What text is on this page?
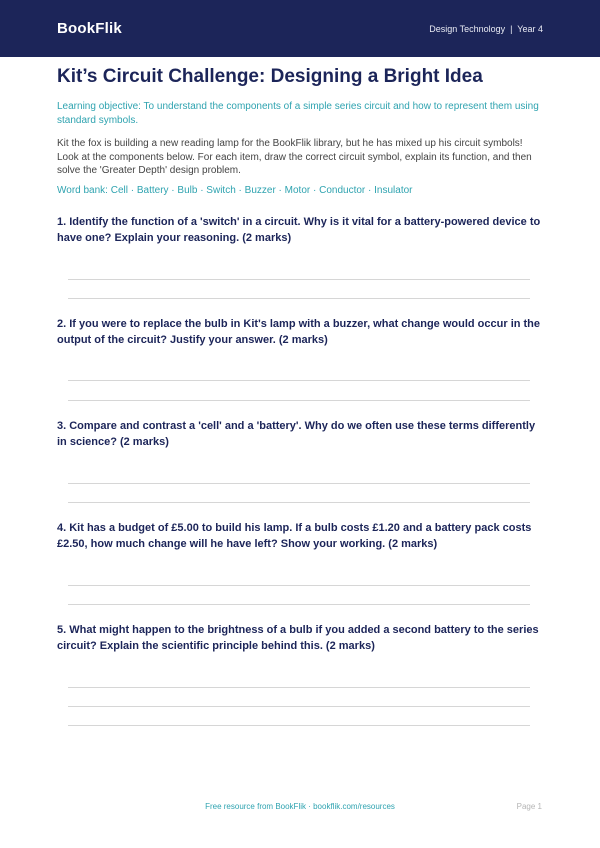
BookFlik	Design Technology  |  Year 4
Kit’s Circuit Challenge: Designing a Bright Idea
Learning objective: To understand the components of a simple series circuit and how to represent them using standard symbols.
Kit the fox is building a new reading lamp for the BookFlik library, but he has mixed up his circuit symbols! Look at the components below. For each item, draw the correct circuit symbol, explain its function, and then solve the 'Greater Depth' design problem.
Word bank: Cell · Battery · Bulb · Switch · Buzzer · Motor · Conductor · Insulator
1. Identify the function of a 'switch' in a circuit. Why is it vital for a battery-powered device to have one? Explain your reasoning. (2 marks)
2. If you were to replace the bulb in Kit's lamp with a buzzer, what change would occur in the output of the circuit? Justify your answer. (2 marks)
3. Compare and contrast a 'cell' and a 'battery'. Why do we often use these terms differently in science? (2 marks)
4. Kit has a budget of £5.00 to build his lamp. If a bulb costs £1.20 and a battery pack costs £2.50, how much change will he have left? Show your working. (2 marks)
5. What might happen to the brightness of a bulb if you added a second battery to the series circuit? Explain the scientific principle behind this. (2 marks)
Free resource from BookFlik · bookflik.com/resources	Page 1
